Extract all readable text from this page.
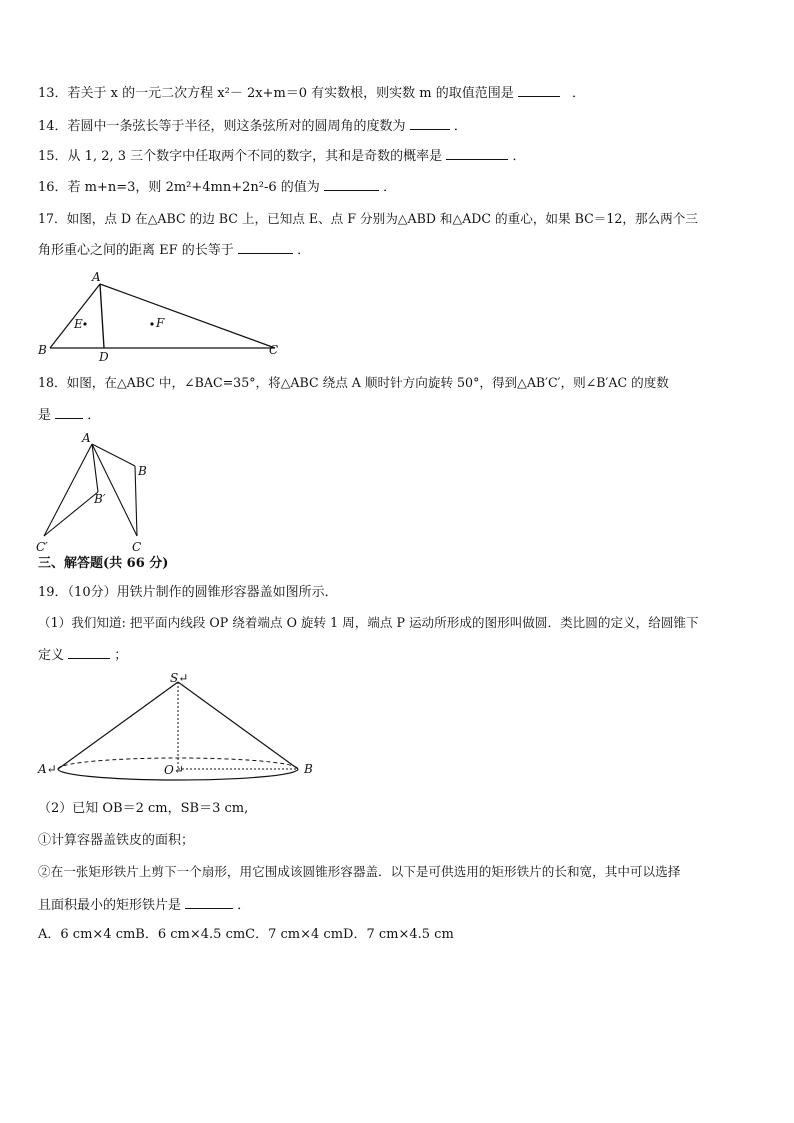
13．若关于 x 的一元二次方程 x²－ 2x+m＝0 有实数根，则实数 m 的取值范围是	．
14．若圆中一条弦长等于半径，则这条弦所对的圆周角的度数为	．
15．从 1, 2, 3 三个数字中任取两个不同的数字，其和是奇数的概率是	．
16．若 m+n=3，则 2m²+4mn+2n²-6 的值为	．
17．如图，点 D 在△ABC 的边 BC 上，已知点 E、点 F 分别为△ABD 和△ADC 的重心，如果 BC＝12，那么两个三
角形重心之间的距离 EF 的长等于	．
A
B	C
D
E	F
18．如图，在△ABC 中，∠BAC=35°，将△ABC 绕点 A 顺时针方向旋转 50°，得到△AB′C′，则∠B′AC 的度数
是	．
A
B
B′
C
C′
三、解答题(共 66 分)
19．（10分）用铁片制作的圆锥形容器盖如图所示．
（1）我们知道: 把平面内线段 OP 绕着端点 O 旋转 1 周，端点 P 运动所形成的图形叫做圆．类比圆的定义，给圆锥下
定义	；
S↵
A↵	O↵	B
（2）已知 OB＝2 cm，SB＝3 cm,
①计算容器盖铁皮的面积；
②在一张矩形铁片上剪下一个扇形，用它围成该圆锥形容器盖．以下是可供选用的矩形铁片的长和宽，其中可以选择
且面积最小的矩形铁片是	．
A．6 cm×4 cmB．6 cm×4.5 cmC．7 cm×4 cmD．7 cm×4.5 cm
